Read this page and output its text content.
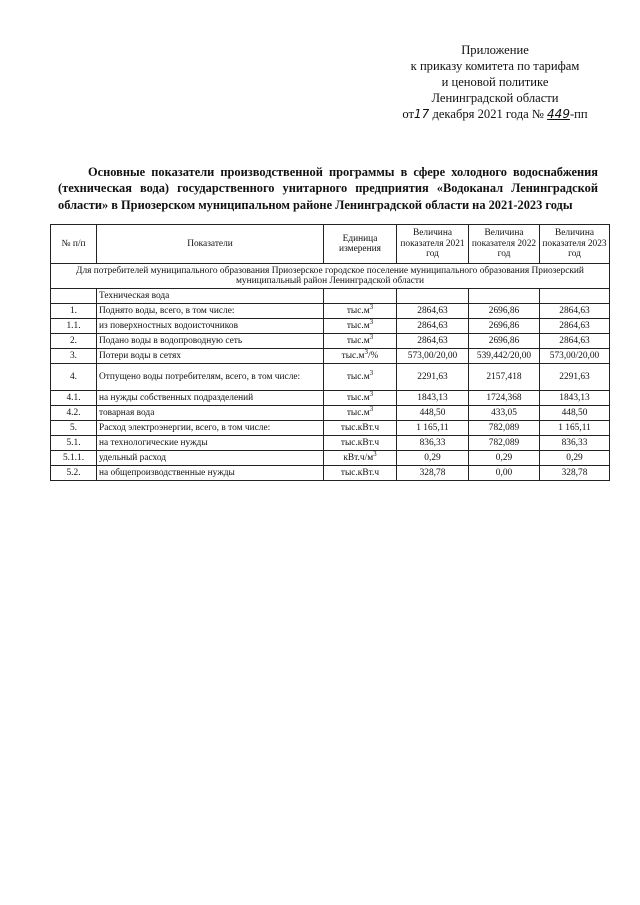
Приложение
к приказу комитета по тарифам
и ценовой политике
Ленинградской области
от17 декабря 2021 года № 449-пп
Основные показатели производственной программы в сфере холодного водоснабжения (техническая вода) государственного унитарного предприятия «Водоканал Ленинградской области» в Приозерском муниципальном районе Ленинградской области на 2021-2023 годы
№ п/п	Показатели	Единица измерения	Величина показателя 2021 год	Величина показателя 2022 год	Величина показателя 2023 год
Для потребителей муниципального образования Приозерское городское поселение муниципального образования Приозерский муниципальный район Ленинградской области					
	Техническая вода				
1.	Поднято воды, всего, в том числе:	$тыс.м^3$	2864,63	2696,86	2864,63
1.1.	из поверхностных водоисточников	$тыс.м^3$	2864,63	2696,86	2864,63
2.	Подано воды в водопроводную сеть	$тыс.м^3$	2864,63	2696,86	2864,63
3.	Потери воды в сетях	$тыс.м^3/\%$	573,00/20,00	539,442/20,00	573,00/20,00
4.	Отпущено воды потребителям, всего, в том числе:	$тыс.м^3$	2291,63	2157,418	2291,63
4.1.	на нужды собственных подразделений	$тыс.м^3$	1843,13	1724,368	1843,13
4.2.	товарная вода	$тыс.м^3$	448,50	433,05	448,50
5.	Расход электроэнергии, всего, в том числе:	тыс.кВт.ч	1 165,11	782,089	1 165,11
5.1.	на технологические нужды	тыс.кВт.ч	836,33	782,089	836,33
5.1.1.	удельный расход	$кВт.ч/м^3$	0,29	0,29	0,29
5.2.	на общепроизводственные нужды	тыс.кВт.ч	328,78	0,00	328,78
